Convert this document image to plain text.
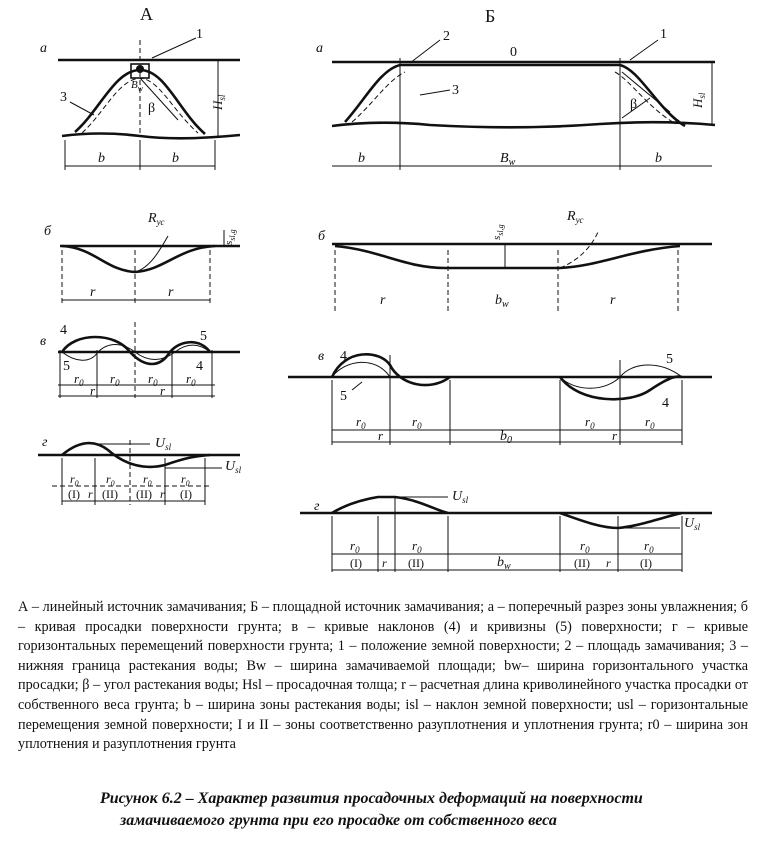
А	Б
а
1
3
$B_w$
β	$H_{sl}$
b	b
а
2
0
1
3
β	$H_{sl}$
b	$B_w$	b
б
$R_{yc}$
$s_{sl,g}$
r	r
б
$R_{yc}$
$s_{sl,g}$
r	$b_w$	r
в
4	5
5	4
$r_0$ $r_0$ $r_0$ $r_0$
r	r
в 4
5
5
4
$r_0$	$r_0$	$r_0$	$r_0$
r	$b_0$	r
г	$U_{sl}$
$U_{sl}$
$r_0$ $r_0$ $r_0$ $r_0$
(I) r (II) (II) r (I)
г
$U_{sl}$
$U_{sl}$
$r_0$	$r_0$	$r_0$	$r_0$
(I) r (II)	$b_w$	(II) r (I)
А – линейный источник замачивания; Б – площадной источник замачивания; а – поперечный разрез зоны увлажнения; б – кривая просадки поверхности грунта; в – кривые наклонов (4) и кривизны (5) поверхности; г – кривые горизонтальных перемещений поверхности грунта; 1 – положение земной поверхности; 2 – площадь замачивания; 3 – нижняя граница растекания воды; Bw – ширина замачиваемой площади; bw– ширина горизонтального участка просадки; β – угол растекания воды; Hsl – просадочная толща; r – расчетная длина криволинейного участка просадки от собственного веса грунта; b – ширина зоны растекания воды; isl – наклон земной поверхности; usl – горизонтальные перемещения земной поверхности; I и II – зоны соответственно разуплотнения и уплотнения грунта; r0 – ширина зон уплотнения и разуплотнения грунта
Рисунок 6.2 – Характер развития просадочных деформаций на поверхности
замачиваемого грунта при его просадке от собственного веса
